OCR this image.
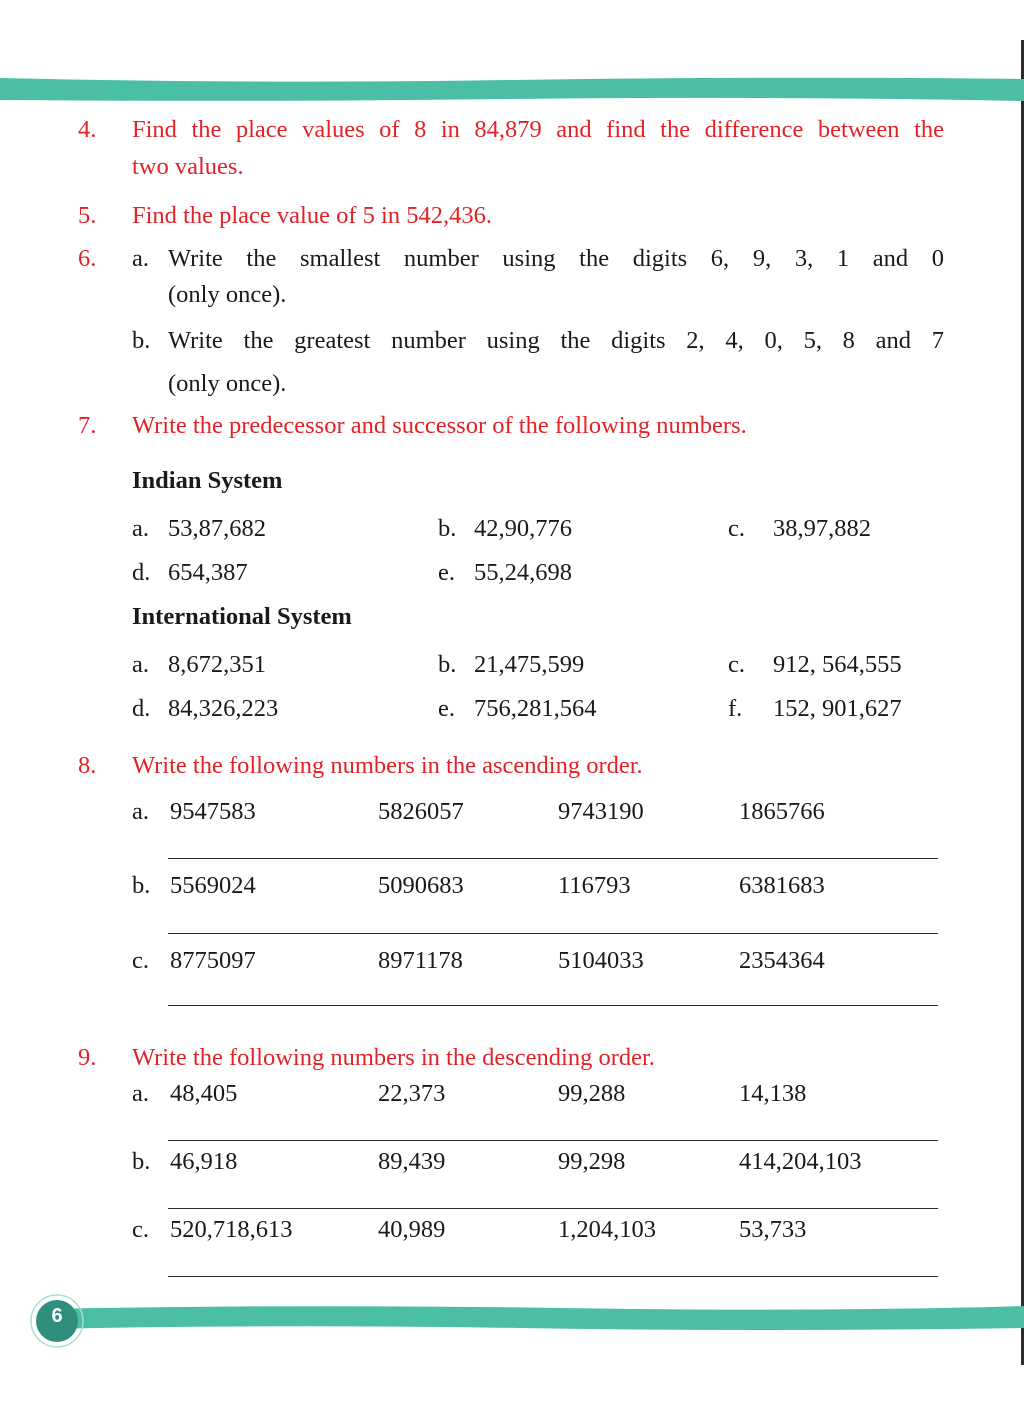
4. Find the place values of 8 in 84,879 and find the difference between the
two values.
5. Find the place value of 5 in 542,436.
6. a. Write the smallest number using the digits 6, 9, 3, 1 and 0
(only once).
b. Write the greatest number using the digits 2, 4, 0, 5, 8 and 7
(only once).
7. Write the predecessor and successor of the following numbers.
Indian System
a. 53,87,682	b. 42,90,776	c. 38,97,882
d. 654,387	e. 55,24,698
International System
a. 8,672,351	b. 21,475,599	c. 912, 564,555
d. 84,326,223	e. 756,281,564	f. 152, 901,627
8. Write the following numbers in the ascending order.
a. 9547583	5826057	9743190	1865766
b. 5569024	5090683	116793	6381683
c. 8775097	8971178	5104033	2354364
9. Write the following numbers in the descending order.
a. 48,405	22,373	99,288	14,138
b. 46,918	89,439	99,298	414,204,103
c. 520,718,613	40,989	1,204,103	53,733
6
